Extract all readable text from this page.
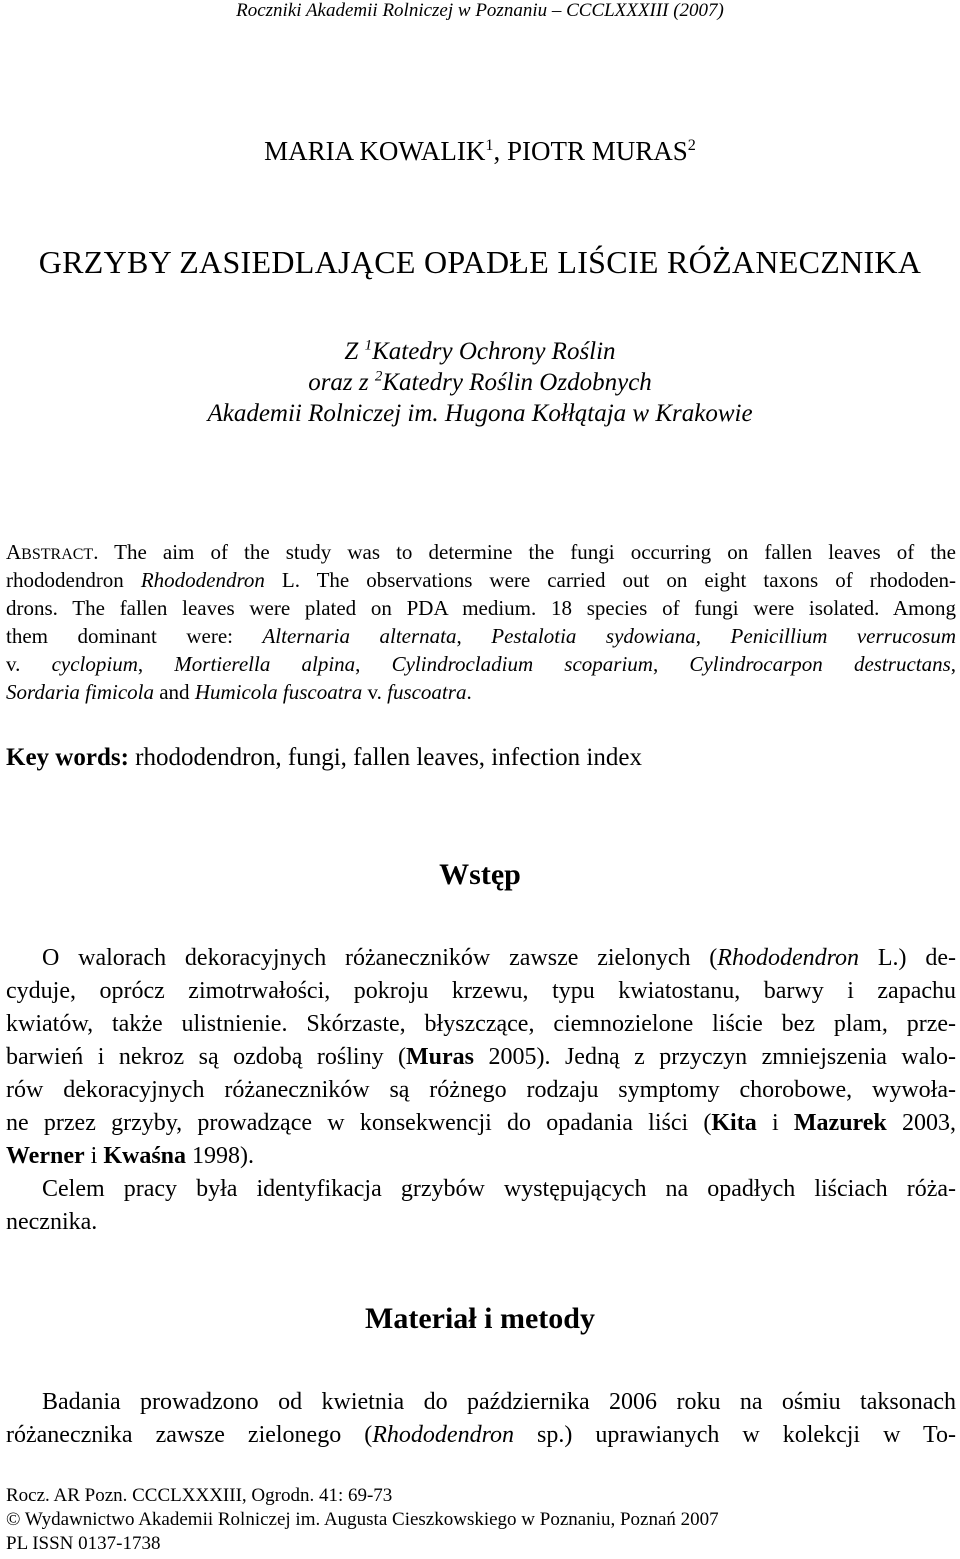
Roczniki Akademii Rolniczej w Poznaniu – CCCLXXXIII (2007)
MARIA KOWALIK$^1$, PIOTR MURAS$^2$
GRZYBY ZASIEDLAJĄCE OPADŁE LIŚCIE RÓŻANECZNIKA
Z $^1$Katedry Ochrony Roślin
oraz z $^2$Katedry Roślin Ozdobnych
Akademii Rolniczej im. Hugona Kołłątaja w Krakowie
ABSTRACT. The aim of the study was to determine the fungi occurring on fallen leaves of the
rhododendron Rhododendron L. The observations were carried out on eight taxons of rhododen-
drons. The fallen leaves were plated on PDA medium. 18 species of fungi were isolated. Among
them dominant were: Alternaria alternata, Pestalotia sydowiana, Penicillium verrucosum
v. cyclopium, Mortierella alpina, Cylindrocladium scoparium, Cylindrocarpon destructans,
Sordaria fimicola and Humicola fuscoatra v. fuscoatra.
Key words: rhododendron, fungi, fallen leaves, infection index
Wstęp
O walorach dekoracyjnych różaneczników zawsze zielonych (Rhododendron L.) de-
cyduje, oprócz zimotrwałości, pokroju krzewu, typu kwiatostanu, barwy i zapachu
kwiatów, także ulistnienie. Skórzaste, błyszczące, ciemnozielone liście bez plam, prze-
barwień i nekroz są ozdobą rośliny (Muras 2005). Jedną z przyczyn zmniejszenia walo-
rów dekoracyjnych różaneczników są różnego rodzaju symptomy chorobowe, wywoła-
ne przez grzyby, prowadzące w konsekwencji do opadania liści (Kita i Mazurek 2003,
Werner i Kwaśna 1998).
Celem pracy była identyfikacja grzybów występujących na opadłych liściach róża-
necznika.
Materiał i metody
Badania prowadzono od kwietnia do października 2006 roku na ośmiu taksonach
różanecznika zawsze zielonego (Rhododendron sp.) uprawianych w kolekcji w To-
Rocz. AR Pozn. CCCLXXXIII, Ogrodn. 41: 69-73
© Wydawnictwo Akademii Rolniczej im. Augusta Cieszkowskiego w Poznaniu, Poznań 2007
PL ISSN 0137-1738
